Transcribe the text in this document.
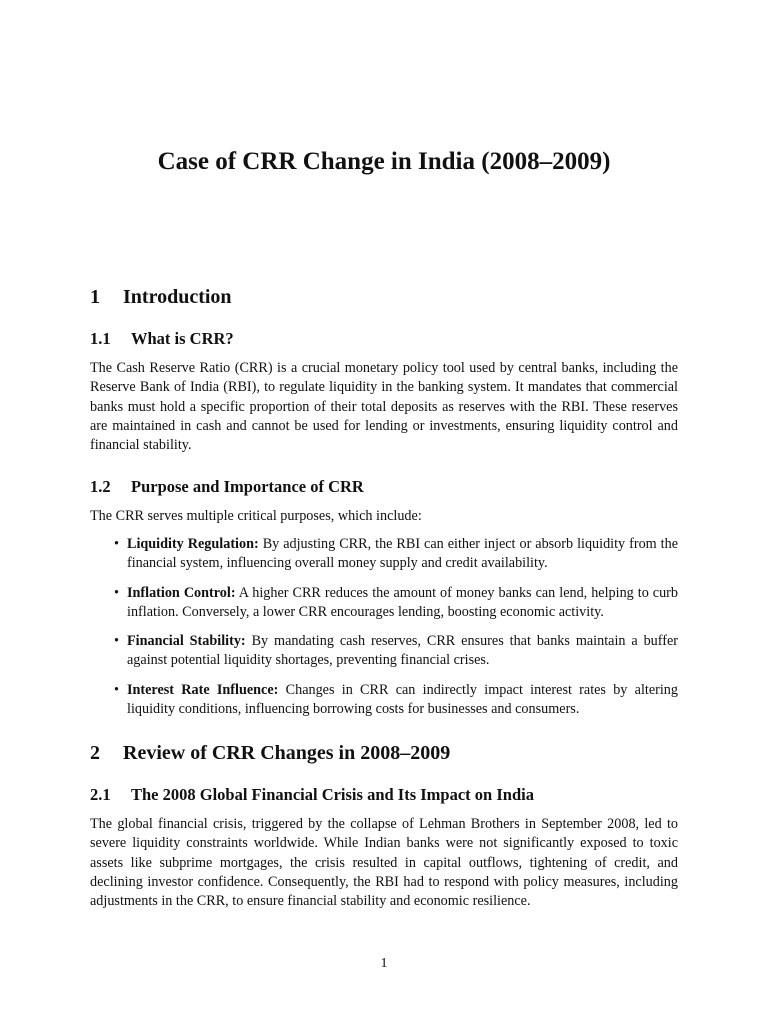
Case of CRR Change in India (2008–2009)
1 Introduction
1.1 What is CRR?

The Cash Reserve Ratio (CRR) is a crucial monetary policy tool used by central banks, including the Reserve Bank of India (RBI), to regulate liquidity in the banking system. It mandates that commercial banks must hold a specific proportion of their total deposits as reserves with the RBI. These reserves are maintained in cash and cannot be used for lending or investments, ensuring liquidity control and financial stability.

1.2 Purpose and Importance of CRR

The CRR serves multiple critical purposes, which include:

• Liquidity Regulation: By adjusting CRR, the RBI can either inject or absorb liquidity from the financial system, influencing overall money supply and credit availability.
• Inflation Control: A higher CRR reduces the amount of money banks can lend, helping to curb inflation. Conversely, a lower CRR encourages lending, boosting economic activity.
• Financial Stability: By mandating cash reserves, CRR ensures that banks maintain a buffer against potential liquidity shortages, preventing financial crises.
• Interest Rate Influence: Changes in CRR can indirectly impact interest rates by altering liquidity conditions, influencing borrowing costs for businesses and consumers.
2 Review of CRR Changes in 2008–2009
2.1 The 2008 Global Financial Crisis and Its Impact on India

The global financial crisis, triggered by the collapse of Lehman Brothers in September 2008, led to severe liquidity constraints worldwide. While Indian banks were not significantly exposed to toxic assets like subprime mortgages, the crisis resulted in capital outflows, tightening of credit, and declining investor confidence. Consequently, the RBI had to respond with policy measures, including adjustments in the CRR, to ensure financial stability and economic resilience.

1
